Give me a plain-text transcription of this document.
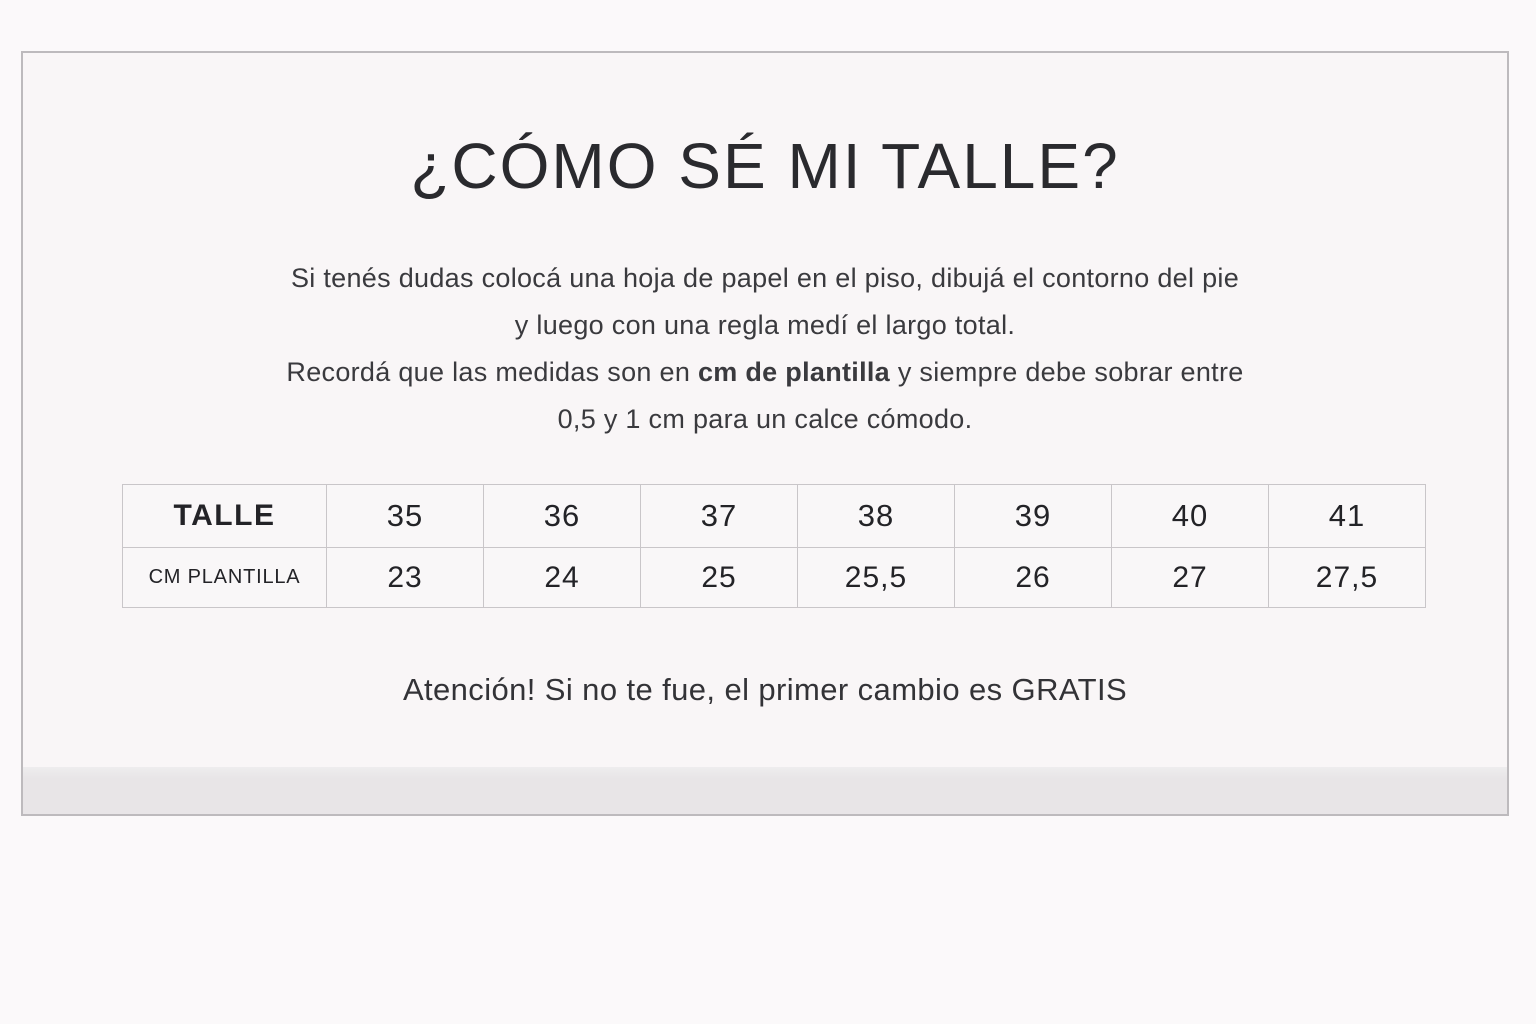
¿CÓMO SÉ MI TALLE?
Si tenés dudas colocá una hoja de papel en el piso, dibujá el contorno del pie
y luego con una regla medí el largo total.
Recordá que las medidas son en cm de plantilla y siempre debe sobrar entre
0,5 y 1 cm para un calce cómodo.
TALLE	35	36	37	38	39	40	41
CM PLANTILLA	23	24	25	25,5	26	27	27,5
Atención! Si no te fue, el primer cambio es GRATIS
